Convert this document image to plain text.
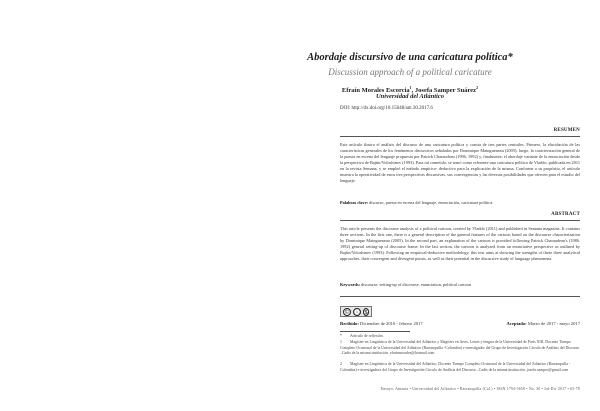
Abordaje discursivo de una caricatura política*
Discussion approach of a political caricature
Efraín Morales Escorcia$^1$, Josefa Samper Suárez$^2$
Universidad del Atlántico
DOI: http://dx.doi.org/10.15648/am.30.2017.6
RESUMEN
Este artículo ilustra el análisis del discurso de una caricatura política y consta de tres partes centrales. Primero, la elucidación de las características generales de los fenómenos discursivos señalados por Dominique Maingueneau (2005); luego, la caracterización general de la puesta en escena del lenguaje propuesta por Patrick Charaudeau (1996, 1992) y, finalmente, el abordaje variante de la enunciación desde la perspectiva de Bajtín/Voloshinov (1993). Para tal cometido, se tomó como referente una caricatura política de Vladdo, publicada en 2011 en la revista Semana, y se empleó el método empírico- deductivo para la explicación de la misma. Conforme a su propósito, el artículo muestra la operatividad de estos tres perspectivas discursivas, sus convergencias y las diversas posibilidades que ofrecen para el estudio del lenguaje.
Palabras clave: discurso, puesta en escena del lenguaje, enunciación, caricatura política.
ABSTRACT
This article presents the discourse analysis of a political cartoon, created by Vladdo (2011) and published in Semana magazine. It contains three sections. In the first one, there is a general description of the general features of the cartoon based on the discourse characterization by Dominique Maingueneau (2005). In the second part, an explanation of the cartoon is provided following Patrick Charaudeau's (1986, 1992) general setting-up of discourse frame. In the last section, the cartoon is analyzed from an enunciative perspective as outlined by Bajtín/Voloshinov (1993). Following an empirical-deductive methodology, this text aims at showing the strengths of these three analytical approaches, their convergent and divergent points, as well as their potential in the discursive study of language phenomena.
Keywords: discourse, setting-up of discourse, enunciation, political cartoon
© ⓘ $
Recibido: Diciembre de 2016 - febrero 2017	Aceptado: Marzo de 2017 - mayo 2017
* Artículo de reflexión.
1 Magíster en Lingüística de la Universidad del Atlántico y Magíster en Artes, Letras y lengua de la Universidad de París XIII. Docente Tiempo Completo Ocasional de la Universidad del Atlántico (Barranquilla -Colombia) e investigador del Grupo de Investigación Círculo de Análisis del Discurso –Cadis de la misma institución. efrainmorales@hotmail.com
2 Magíster en Lingüística de la Universidad del Atlántico. Docente Tiempo Completo Ocasional de la Universidad del Atlántico (Barranquilla -Colombia) e investigadora del Grupo de Investigación Círculo de Análisis del Discurso –Cadis de la misma institución. josefa.samper@gmail.com
Ensayo, Amauta • Universidad del Atlántico • Barranquilla (Col.) • ISSN 1794-5658 • No. 30 • Jul-Dic 2017 • 65-78
